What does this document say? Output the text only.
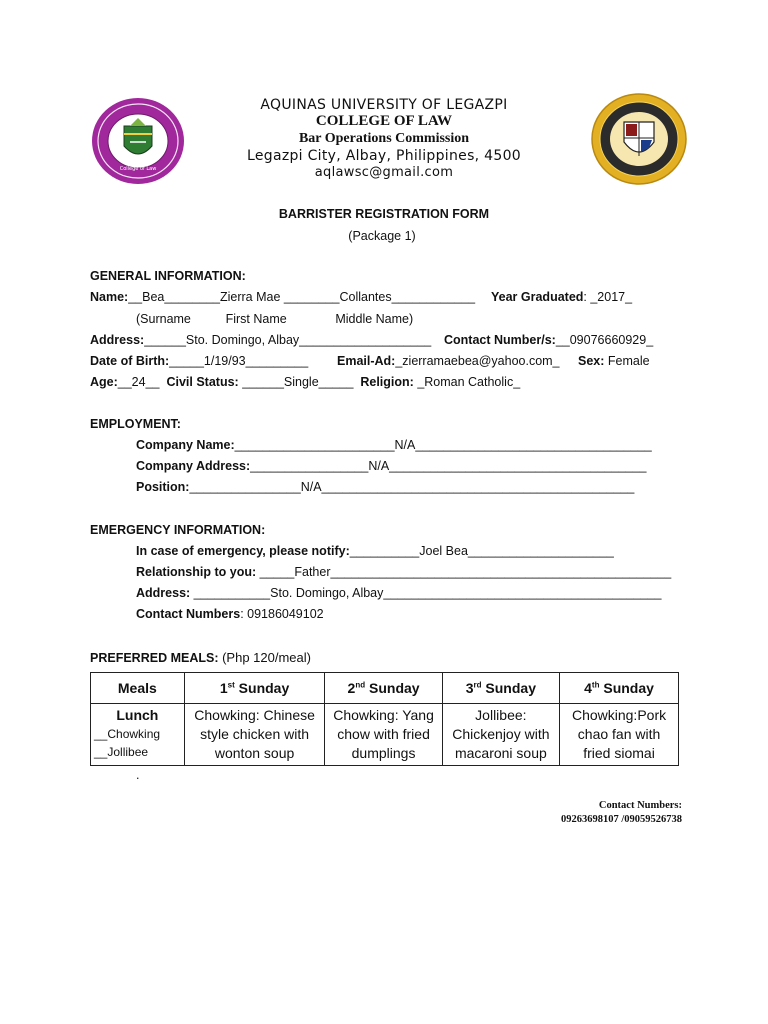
College of Law
AQUINAS UNIVERSITY OF LEGAZPI
COLLEGE OF LAW
Bar Operations Commission
Legazpi City, Albay, Philippines, 4500
aqlawsc@gmail.com
BARRISTER REGISTRATION FORM
(Package 1)
GENERAL INFORMATION:
Name:__Bea________Zierra Mae ________Collantes____________ Year Graduated: _2017_
(Surname          First Name              Middle Name)
Address:______Sto. Domingo, Albay___________________ Contact Number/s:__09076660929_
Date of Birth:_____1/19/93_________ Email-Ad:_zierramaebea@yahoo.com_ Sex: Female
Age:__24__ Civil Status: ______Single_____ Religion: _Roman Catholic_
EMPLOYMENT:
Company Name:_______________________N/A__________________________________
Company Address:_________________N/A_____________________________________
Position:________________N/A_____________________________________________
EMERGENCY INFORMATION:
In case of emergency, please notify:__________Joel Bea_____________________
Relationship to you: _____Father_________________________________________________
Address: ___________Sto. Domingo, Albay________________________________________
Contact Numbers: 09186049102
PREFERRED MEALS: (Php 120/meal)
Meals	1st Sunday	2nd Sunday	3rd Sunday	4th Sunday

Lunch
__Chowking
__Jollibee	Chowking: Chinese style chicken with wonton soup	Chowking: Yang chow with fried dumplings	Jollibee: Chickenjoy with macaroni soup	Chowking:Pork chao fan with fried siomai
.
Contact Numbers:
09263698107 /09059526738
